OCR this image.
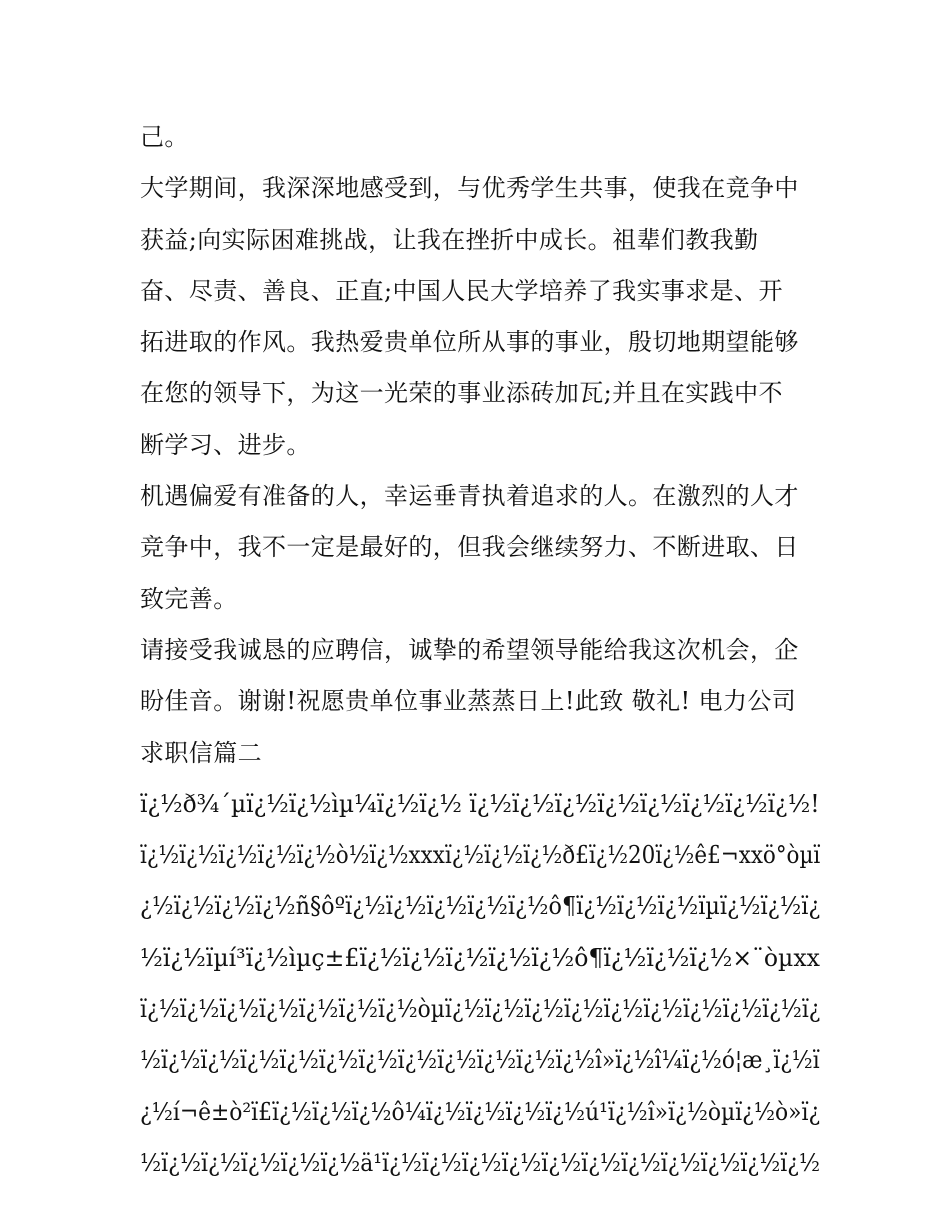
己。
大学期间，我深深地感受到，与优秀学生共事，使我在竞争中
获益;向实际困难挑战，让我在挫折中成长。祖辈们教我勤
奋、尽责、善良、正直;中国人民大学培养了我实事求是、开
拓进取的作风。我热爱贵单位所从事的事业，殷切地期望能够
在您的领导下，为这一光荣的事业添砖加瓦;并且在实践中不
断学习、进步。
机遇偏爱有准备的人，幸运垂青执着追求的人。在激烈的人才
竞争中，我不一定是最好的，但我会继续努力、不断进取、日
致完善。
请接受我诚恳的应聘信，诚挚的希望领导能给我这次机会，企
盼佳音。谢谢!祝愿贵单位事业蒸蒸日上!此致 敬礼! 电力公司
求职信篇二
ï¿½ð¾´µï¿½ï¿½ìµ¼ï¿½ï¿½ ï¿½ï¿½ï¿½ï¿½ï¿½ï¿½ï¿½ï¿½!
ï¿½ï¿½ï¿½ï¿½ï¿½ò½ï¿½xxxï¿½ï¿½ï¿½ð£ï¿½20ï¿½ê£¬xxö°òµï
¿½ï¿½ï¿½ï¿½ñ§ôºï¿½ï¿½ï¿½ï¿½ï¿½ô¶ï¿½ï¿½ï¿½ïµï¿½ï¿½ï¿
½ï¿½ïµí³ï¿½ìµç±£ï¿½ï¿½ï¿½ï¿½ï¿½ô¶ï¿½ï¿½ï¿½×¨òµxx
ï¿½ï¿½ï¿½ï¿½ï¿½ï¿½ï¿½òµï¿½ï¿½ï¿½ï¿½ï¿½ï¿½ï¿½ï¿½ï¿½ï¿
½ï¿½ï¿½ï¿½ï¿½ï¿½ï¿½ï¿½ï¿½ï¿½ï¿½ï¿½î»ï¿½î¼ï¿½ó¦æ¸ï¿½ï
¿½í¬ê±ò²ï£ï¿½ï¿½ï¿½ô¼ï¿½ï¿½ï¿½ï¿½ú¹ï¿½î»ï¿½òµï¿½ò»ï¿
½ï¿½ï¿½ï¿½ï¿½ï¿½ä¹ï¿½ï¿½ï¿½ï¿½ï¿½ï¿½ï¿½ï¿½ï¿½ï¿½ï¿½
